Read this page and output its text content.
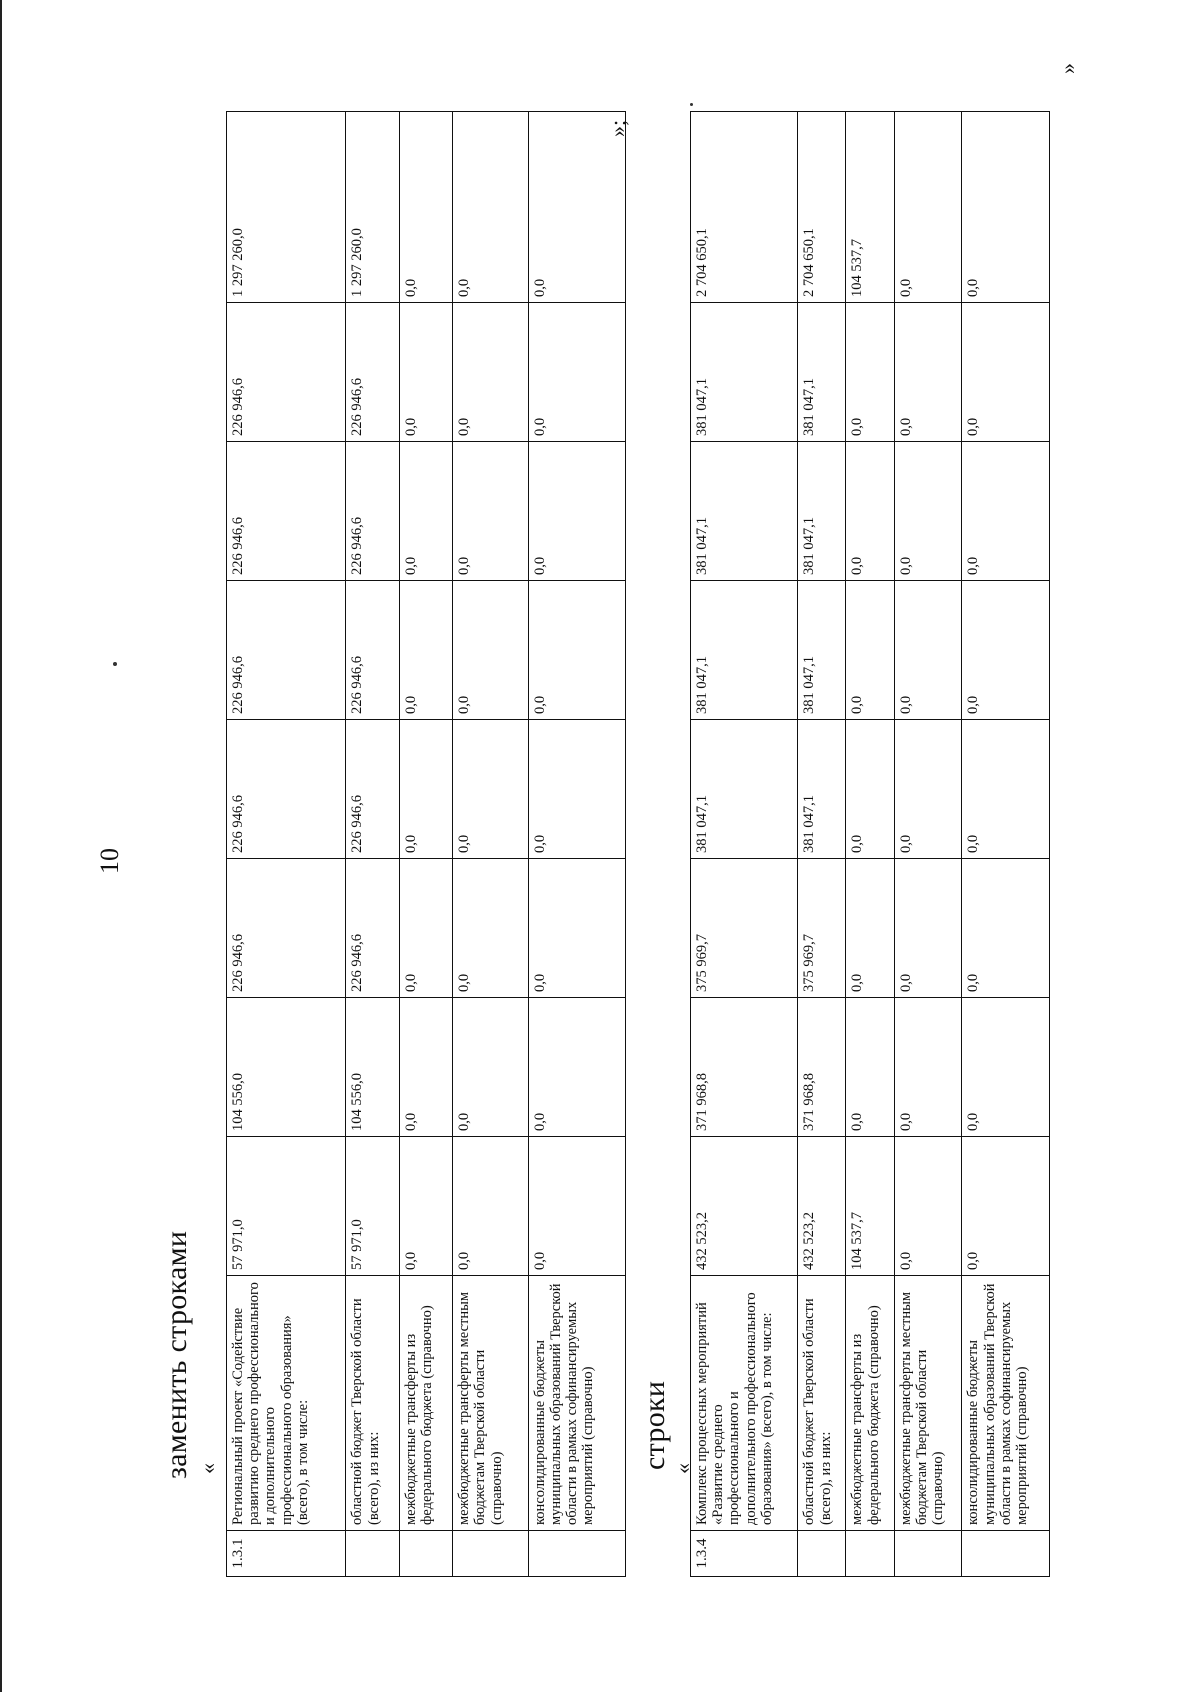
10
заменить строками «
1.3.1	Региональный проект «Содействие развитию среднего профессионального и дополнительного профессионального образования» (всего), в том числе:	57 971,0	104 556,0	226 946,6	226 946,6	226 946,6	226 946,6	226 946,6	1 297 260,0
	областной бюджет Тверской области (всего), из них:	57 971,0	104 556,0	226 946,6	226 946,6	226 946,6	226 946,6	226 946,6	1 297 260,0
	межбюджетные трансферты из федерального бюджета (справочно)	0,0	0,0	0,0	0,0	0,0	0,0	0,0	0,0
	межбюджетные трансферты местным бюджетам Тверской области (справочно)	0,0	0,0	0,0	0,0	0,0	0,0	0,0	0,0
	консолидированные бюджеты муниципальных образований Тверской области в рамках софинансируемых мероприятий (справочно)	0,0	0,0	0,0	0,0	0,0	0,0	0,0	0,0
»;
строки «
1.3.4	Комплекс процессных мероприятий «Развитие среднего профессионального и дополнительного профессионального образования» (всего), в том числе:	432 523,2	371 968,8	375 969,7	381 047,1	381 047,1	381 047,1	381 047,1	2 704 650,1
	областной бюджет Тверской области (всего), из них:	432 523,2	371 968,8	375 969,7	381 047,1	381 047,1	381 047,1	381 047,1	2 704 650,1
	межбюджетные трансферты из федерального бюджета (справочно)	104 537,7	0,0	0,0	0,0	0,0	0,0	0,0	104 537,7
	межбюджетные трансферты местным бюджетам Тверской области (справочно)	0,0	0,0	0,0	0,0	0,0	0,0	0,0	0,0
	консолидированные бюджеты муниципальных образований Тверской области в рамках софинансируемых мероприятий (справочно)	0,0	0,0	0,0	0,0	0,0	0,0	0,0	0,0
»
